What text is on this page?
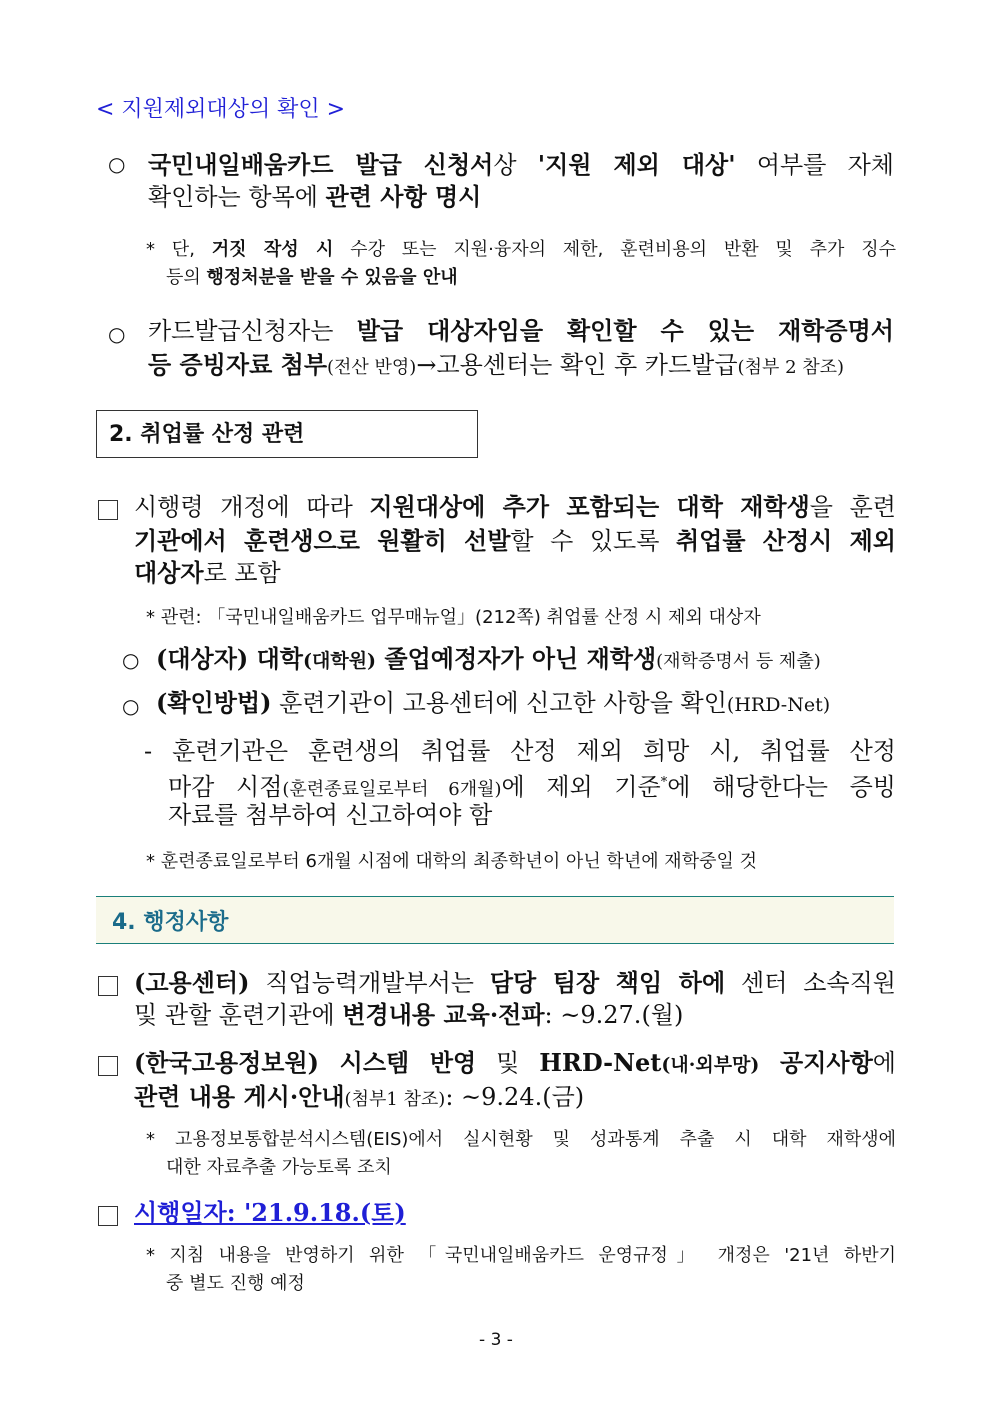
< 지원제외대상의 확인 >
○ 국민내일배움카드 발급 신청서상 '지원 제외 대상' 여부를 자체
확인하는 항목에 관련 사항 명시
* 단, 거짓 작성 시 수강 또는 지원·융자의 제한, 훈련비용의 반환 및 추가 징수
등의 행정처분을 받을 수 있음을 안내
○ 카드발급신청자는 발급 대상자임을 확인할 수 있는 재학증명서
등 증빙자료 첨부(전산 반영)→고용센터는 확인 후 카드발급(첨부 2 참조)
2. 취업률 산정 관련
시행령 개정에 따라 지원대상에 추가 포함되는 대학 재학생을 훈련
기관에서 훈련생으로 원활히 선발할 수 있도록 취업률 산정시 제외
대상자로 포함
* 관련: 「국민내일배움카드 업무매뉴얼」(212쪽) 취업률 산정 시 제외 대상자
○ (대상자) 대학(대학원) 졸업예정자가 아닌 재학생(재학증명서 등 제출)
○ (확인방법) 훈련기관이 고용센터에 신고한 사항을 확인(HRD-Net)
- 훈련기관은 훈련생의 취업률 산정 제외 희망 시, 취업률 산정
마감 시점(훈련종료일로부터 6개월)에 제외 기준*에 해당한다는 증빙
자료를 첨부하여 신고하여야 함
* 훈련종료일로부터 6개월 시점에 대학의 최종학년이 아닌 학년에 재학중일 것
4. 행정사항
(고용센터) 직업능력개발부서는 담당 팀장 책임 하에 센터 소속직원
및 관할 훈련기관에 변경내용 교육·전파: ~9.27.(월)
(한국고용정보원) 시스템 반영 및 HRD-Net(내·외부망) 공지사항에
관련 내용 게시·안내(첨부1 참조): ~9.24.(금)
* 고용정보통합분석시스템(EIS)에서 실시현황 및 성과통계 추출 시 대학 재학생에
대한 자료추출 가능토록 조치
시행일자: '21.9.18.(토)
* 지침 내용을 반영하기 위한 「국민내일배움카드 운영규정」 개정은 '21년 하반기
중 별도 진행 예정
- 3 -
